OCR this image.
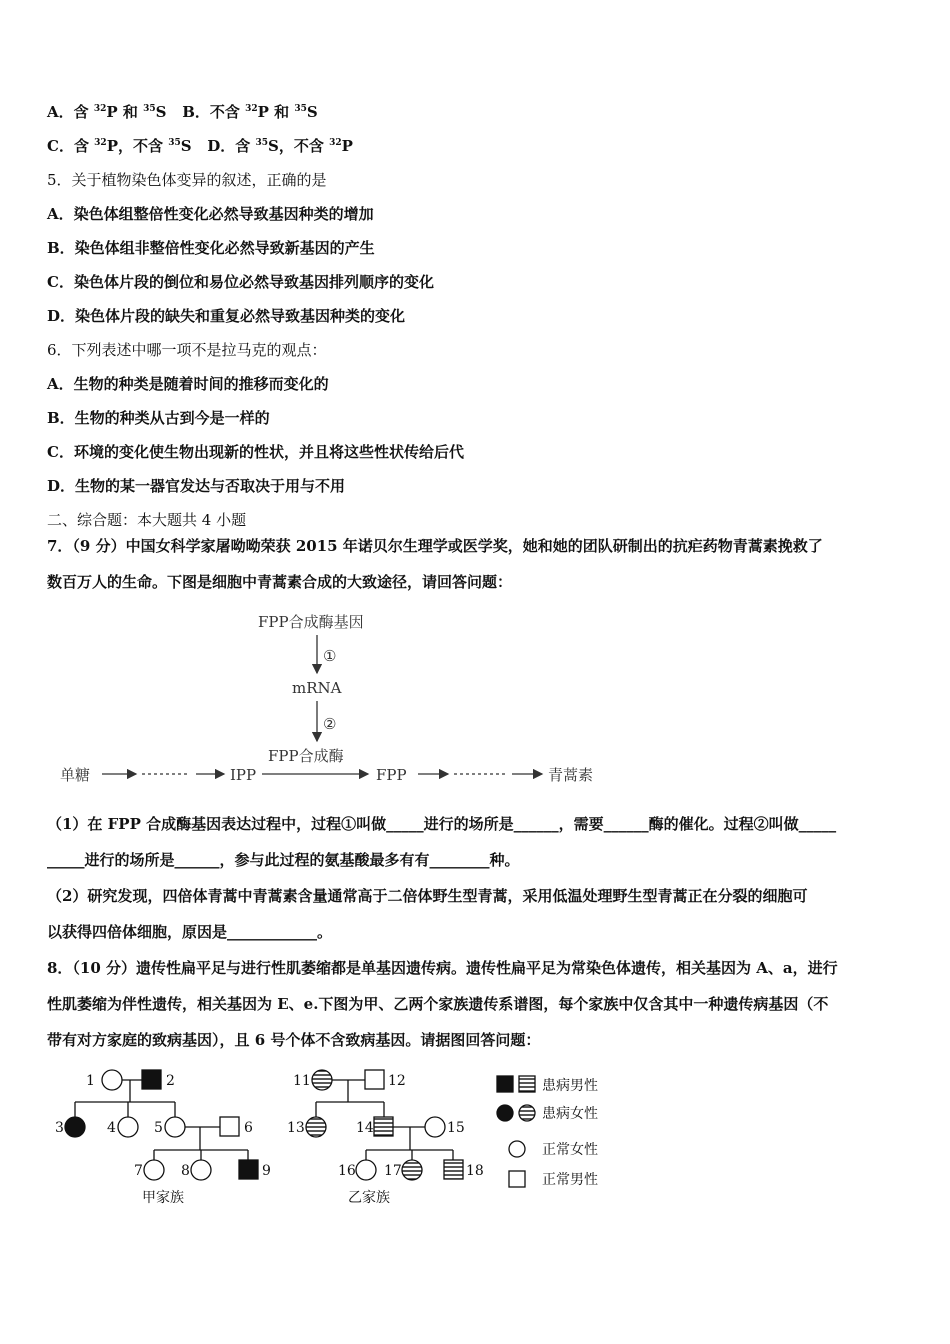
A．含 $^{32}$P 和 $^{35}$S B．不含 $^{32}$P 和 $^{35}$S
C．含 $^{32}$P，不含 $^{35}$S D．含 $^{35}$S，不含 $^{32}$P
5．关于植物染色体变异的叙述，正确的是
A．染色体组整倍性变化必然导致基因种类的增加
B．染色体组非整倍性变化必然导致新基因的产生
C．染色体片段的倒位和易位必然导致基因排列顺序的变化
D．染色体片段的缺失和重复必然导致基因种类的变化
6．下列表述中哪一项不是拉马克的观点：
A．生物的种类是随着时间的推移而变化的
B．生物的种类从古到今是一样的
C．环境的变化使生物出现新的性状，并且将这些性状传给后代
D．生物的某一器官发达与否取决于用与不用
二、综合题：本大题共 4 小题
7．（9 分）中国女科学家屠呦呦荣获 2015 年诺贝尔生理学或医学奖，她和她的团队研制出的抗疟药物青蒿素挽救了
数百万人的生命。下图是细胞中青蒿素合成的大致途径，请回答问题：
FPP合成酶基因
①
mRNA
②
FPP合成酶
单糖	IPP	FPP	青蒿素
（1）在 FPP 合成酶基因表达过程中，过程①叫做_____进行的场所是______，需要______酶的催化。过程②叫做_____
_____进行的场所是______，参与此过程的氨基酸最多有有________种。
（2）研究发现，四倍体青蒿中青蒿素含量通常高于二倍体野生型青蒿，采用低温处理野生型青蒿正在分裂的细胞可
以获得四倍体细胞，原因是____________。
8．（10 分）遗传性扁平足与进行性肌萎缩都是单基因遗传病。遗传性扁平足为常染色体遗传，相关基因为 A、a，进行
性肌萎缩为伴性遗传，相关基因为 E、e.下图为甲、乙两个家族遗传系谱图，每个家族中仅含其中一种遗传病基因（不
带有对方家庭的致病基因），且 6 号个体不含致病基因。请据图回答问题：
1	2
3	4	5	6
7	8	9
甲家族
11	12
13	14	15
16 17	18
乙家族
患病男性
患病女性
正常女性
正常男性
